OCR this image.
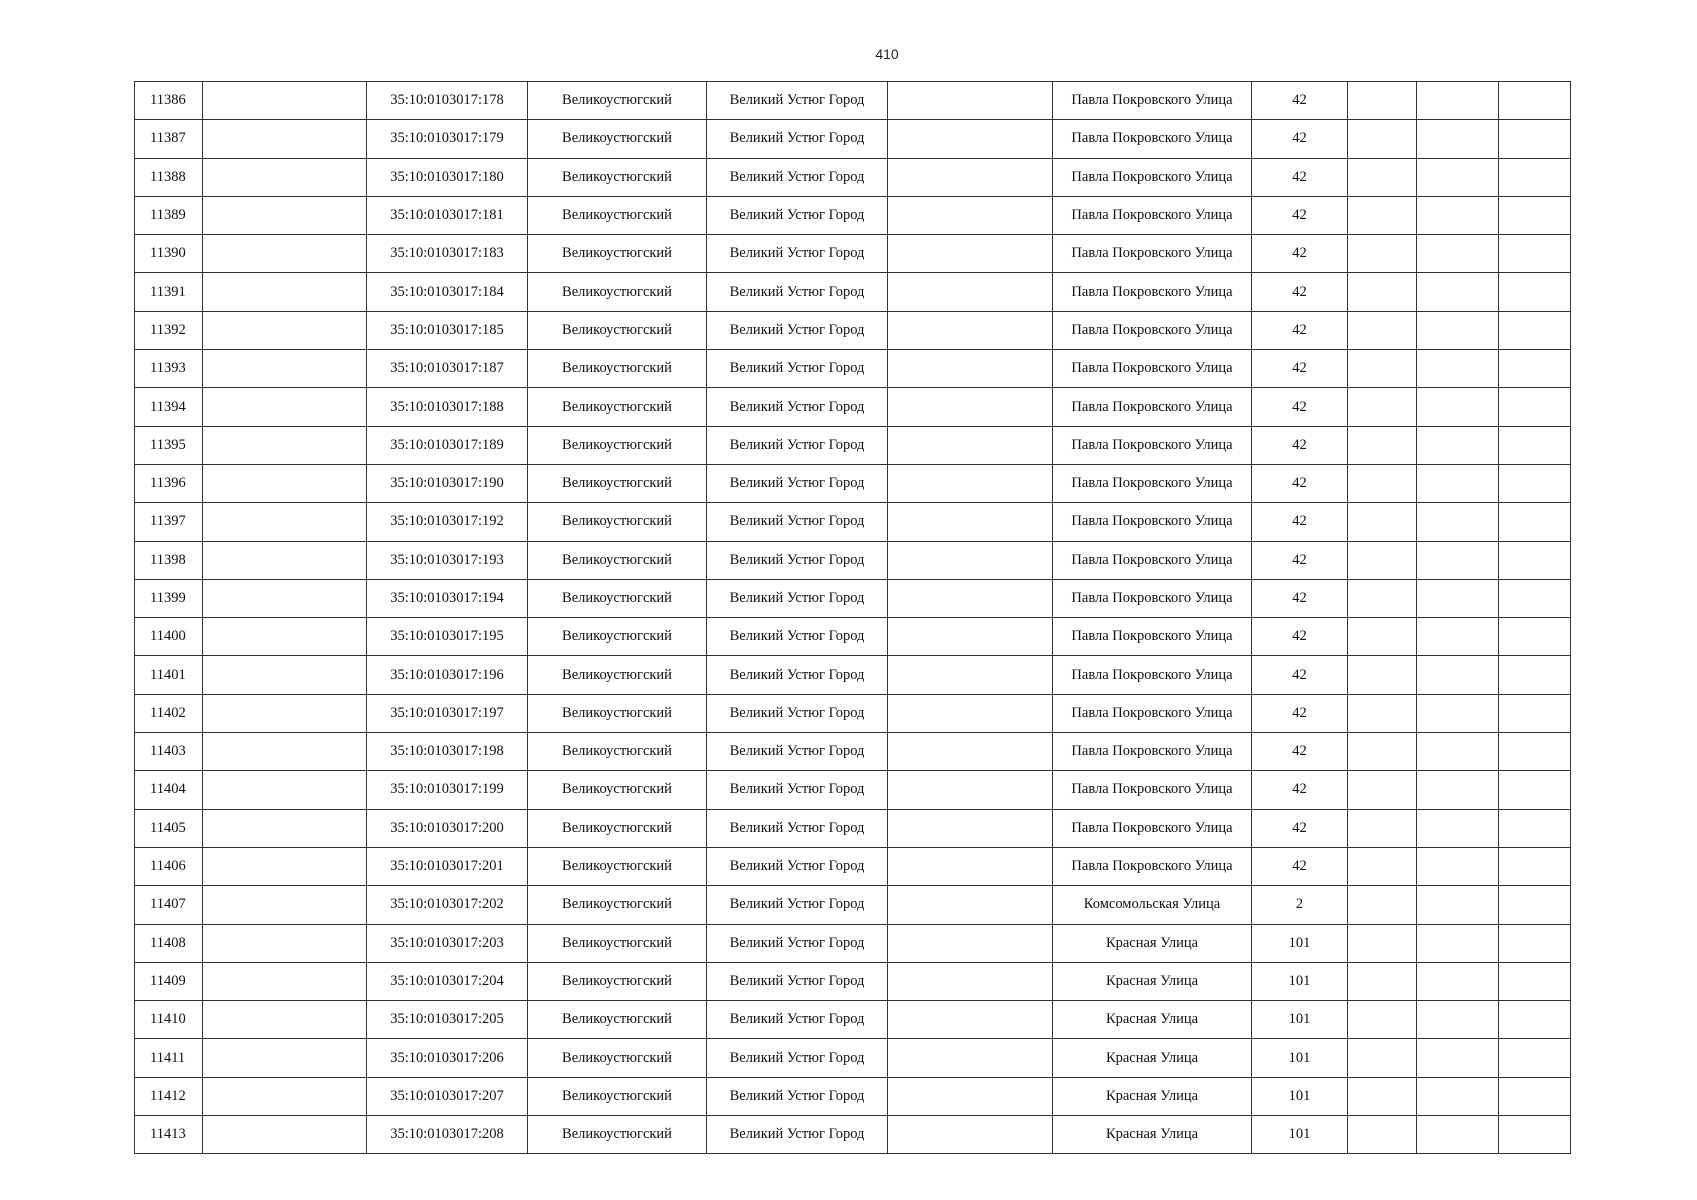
410
11386		35:10:0103017:178	Великоустюгский	Великий Устюг Город		Павла Покровского Улица	42			
11387		35:10:0103017:179	Великоустюгский	Великий Устюг Город		Павла Покровского Улица	42			
11388		35:10:0103017:180	Великоустюгский	Великий Устюг Город		Павла Покровского Улица	42			
11389		35:10:0103017:181	Великоустюгский	Великий Устюг Город		Павла Покровского Улица	42			
11390		35:10:0103017:183	Великоустюгский	Великий Устюг Город		Павла Покровского Улица	42			
11391		35:10:0103017:184	Великоустюгский	Великий Устюг Город		Павла Покровского Улица	42			
11392		35:10:0103017:185	Великоустюгский	Великий Устюг Город		Павла Покровского Улица	42			
11393		35:10:0103017:187	Великоустюгский	Великий Устюг Город		Павла Покровского Улица	42			
11394		35:10:0103017:188	Великоустюгский	Великий Устюг Город		Павла Покровского Улица	42			
11395		35:10:0103017:189	Великоустюгский	Великий Устюг Город		Павла Покровского Улица	42			
11396		35:10:0103017:190	Великоустюгский	Великий Устюг Город		Павла Покровского Улица	42			
11397		35:10:0103017:192	Великоустюгский	Великий Устюг Город		Павла Покровского Улица	42			
11398		35:10:0103017:193	Великоустюгский	Великий Устюг Город		Павла Покровского Улица	42			
11399		35:10:0103017:194	Великоустюгский	Великий Устюг Город		Павла Покровского Улица	42			
11400		35:10:0103017:195	Великоустюгский	Великий Устюг Город		Павла Покровского Улица	42			
11401		35:10:0103017:196	Великоустюгский	Великий Устюг Город		Павла Покровского Улица	42			
11402		35:10:0103017:197	Великоустюгский	Великий Устюг Город		Павла Покровского Улица	42			
11403		35:10:0103017:198	Великоустюгский	Великий Устюг Город		Павла Покровского Улица	42			
11404		35:10:0103017:199	Великоустюгский	Великий Устюг Город		Павла Покровского Улица	42			
11405		35:10:0103017:200	Великоустюгский	Великий Устюг Город		Павла Покровского Улица	42			
11406		35:10:0103017:201	Великоустюгский	Великий Устюг Город		Павла Покровского Улица	42			
11407		35:10:0103017:202	Великоустюгский	Великий Устюг Город		Комсомольская Улица	2			
11408		35:10:0103017:203	Великоустюгский	Великий Устюг Город		Красная Улица	101			
11409		35:10:0103017:204	Великоустюгский	Великий Устюг Город		Красная Улица	101			
11410		35:10:0103017:205	Великоустюгский	Великий Устюг Город		Красная Улица	101			
11411		35:10:0103017:206	Великоустюгский	Великий Устюг Город		Красная Улица	101			
11412		35:10:0103017:207	Великоустюгский	Великий Устюг Город		Красная Улица	101			
11413		35:10:0103017:208	Великоустюгский	Великий Устюг Город		Красная Улица	101			
